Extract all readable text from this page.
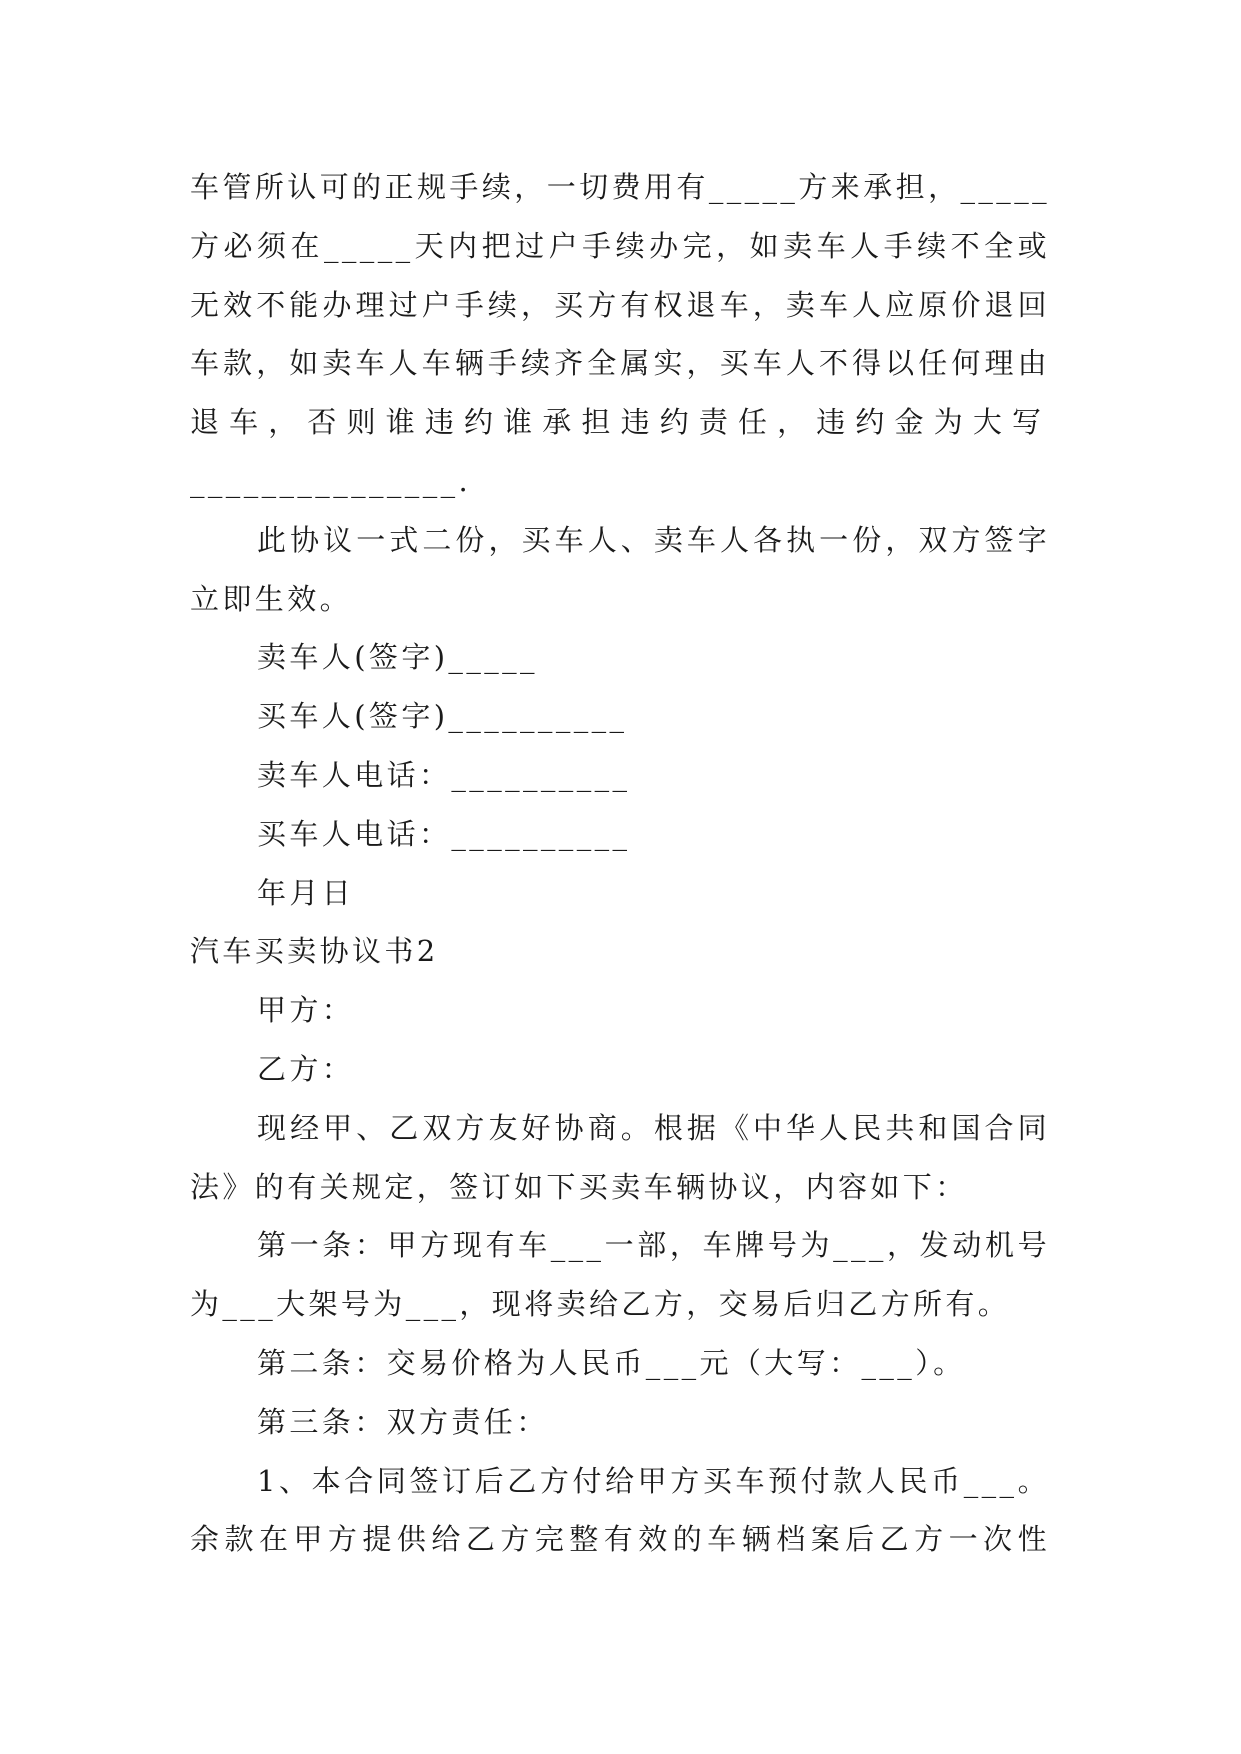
车管所认可的正规手续，一切费用有_____方来承担，_____
方必须在_____天内把过户手续办完，如卖车人手续不全或
无效不能办理过户手续，买方有权退车，卖车人应原价退回
车款，如卖车人车辆手续齐全属实，买车人不得以任何理由
退车，否则谁违约谁承担违约责任，违约金为大写
_______________.
此协议一式二份，买车人、卖车人各执一份，双方签字
立即生效。
卖车人(签字)_____
买车人(签字)__________
卖车人电话：__________
买车人电话：__________
年月日
汽车买卖协议书2
甲方：
乙方：
现经甲、乙双方友好协商。根据《中华人民共和国合同
法》的有关规定，签订如下买卖车辆协议，内容如下：
第一条：甲方现有车___一部，车牌号为___，发动机号
为___大架号为___，现将卖给乙方，交易后归乙方所有。
第二条：交易价格为人民币___元（大写：___）。
第三条：双方责任：
1、本合同签订后乙方付给甲方买车预付款人民币___。
余款在甲方提供给乙方完整有效的车辆档案后乙方一次性
